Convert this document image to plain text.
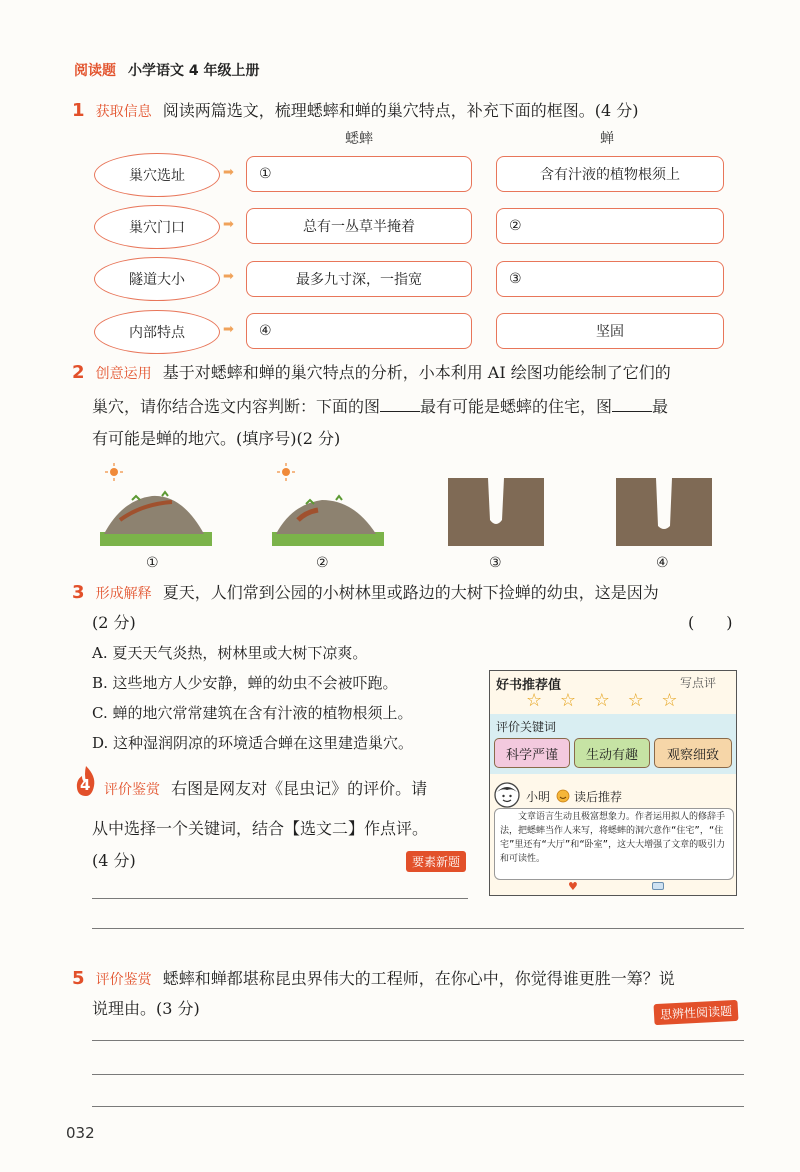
阅读题 小学语文 4 年级上册
1 获取信息 阅读两篇选文，梳理蟋蟀和蝉的巢穴特点，补充下面的框图。(4 分)
蟋蟀	蝉
巢穴选址	➡	①	含有汁液的植物根须上
巢穴门口	➡	总有一丛草半掩着	②
隧道大小	➡	最多九寸深，一指宽	③
内部特点	➡	④	坚固
2 创意运用 基于对蟋蟀和蝉的巢穴特点的分析，小本利用 AI 绘图功能绘制了它们的
巢穴，请你结合选文内容判断：下面的图	最有可能是蟋蟀的住宅，图	最
有可能是蝉的地穴。(填序号)(2 分)
①	②	③	④
3 形成解释 夏天，人们常到公园的小树林里或路边的大树下捡蝉的幼虫，这是因为
(2 分)	(　　)
A. 夏天天气炎热，树林里或大树下凉爽。
B. 这些地方人少安静，蝉的幼虫不会被吓跑。
C. 蝉的地穴常常建筑在含有汁液的植物根须上。
D. 这种湿润阴凉的环境适合蝉在这里建造巢穴。
4 评价鉴赏 右图是网友对《昆虫记》的评价。请
从中选择一个关键词，结合【选文二】作点评。
(4 分)	要素新题
好书推荐值	写点评
☆ ☆ ☆ ☆ ☆
评价关键词
科学严谨	生动有趣	观察细致
小明 读后推荐
文章语言生动且极富想象力。作者运用拟人的修辞手法，把蟋蟀当作人来写，将蟋蟀的洞穴意作“住宅”，“住宅”里还有“大厅”和“卧室”，这大大增强了文章的吸引力和可读性。
♥
5 评价鉴赏 蟋蟀和蝉都堪称昆虫界伟大的工程师，在你心中，你觉得谁更胜一筹？说
说理由。(3 分)	思辨性阅读题
032
